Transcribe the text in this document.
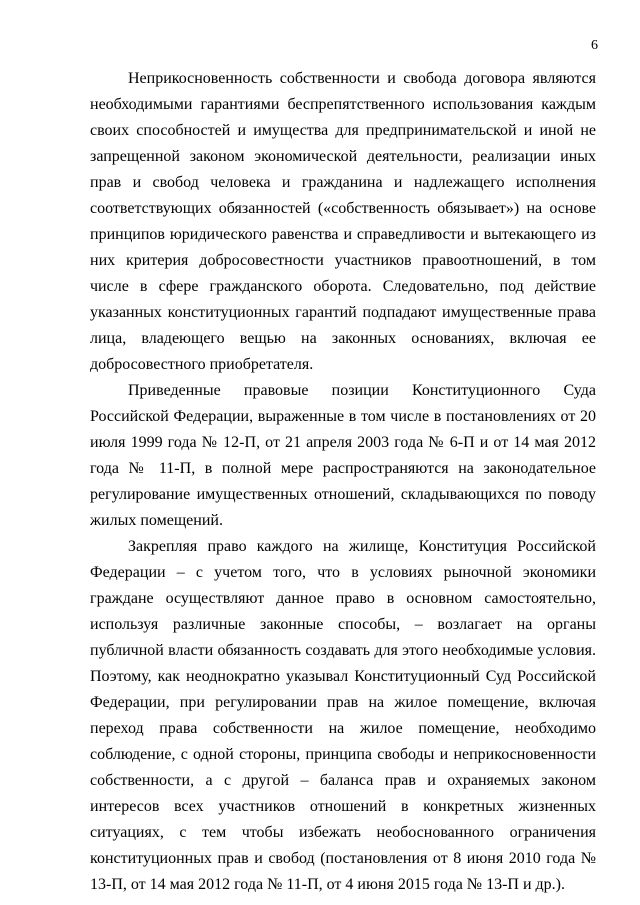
6

Неприкосновенность собственности и свобода договора являются необходимыми гарантиями беспрепятственного использования каждым своих способностей и имущества для предпринимательской и иной не запрещенной законом экономической деятельности, реализации иных прав и свобод человека и гражданина и надлежащего исполнения соответствующих обязанностей («собственность обязывает») на основе принципов юридического равенства и справедливости и вытекающего из них критерия добросовестности участников правоотношений, в том числе в сфере гражданского оборота. Следовательно, под действие указанных конституционных гарантий подпадают имущественные права лица, владеющего вещью на законных основаниях, включая ее добросовестного приобретателя.

Приведенные правовые позиции Конституционного Суда Российской Федерации, выраженные в том числе в постановлениях от 20 июля 1999 года № 12-П, от 21 апреля 2003 года № 6-П и от 14 мая 2012 года № 11-П, в полной мере распространяются на законодательное регулирование имущественных отношений, складывающихся по поводу жилых помещений.

Закрепляя право каждого на жилище, Конституция Российской Федерации – с учетом того, что в условиях рыночной экономики граждане осуществляют данное право в основном самостоятельно, используя различные законные способы, – возлагает на органы публичной власти обязанность создавать для этого необходимые условия. Поэтому, как неоднократно указывал Конституционный Суд Российской Федерации, при регулировании прав на жилое помещение, включая переход права собственности на жилое помещение, необходимо соблюдение, с одной стороны, принципа свободы и неприкосновенности собственности, а с другой – баланса прав и охраняемых законом интересов всех участников отношений в конкретных жизненных ситуациях, с тем чтобы избежать необоснованного ограничения конституционных прав и свобод (постановления от 8 июня 2010 года № 13-П, от 14 мая 2012 года № 11-П, от 4 июня 2015 года № 13-П и др.).
